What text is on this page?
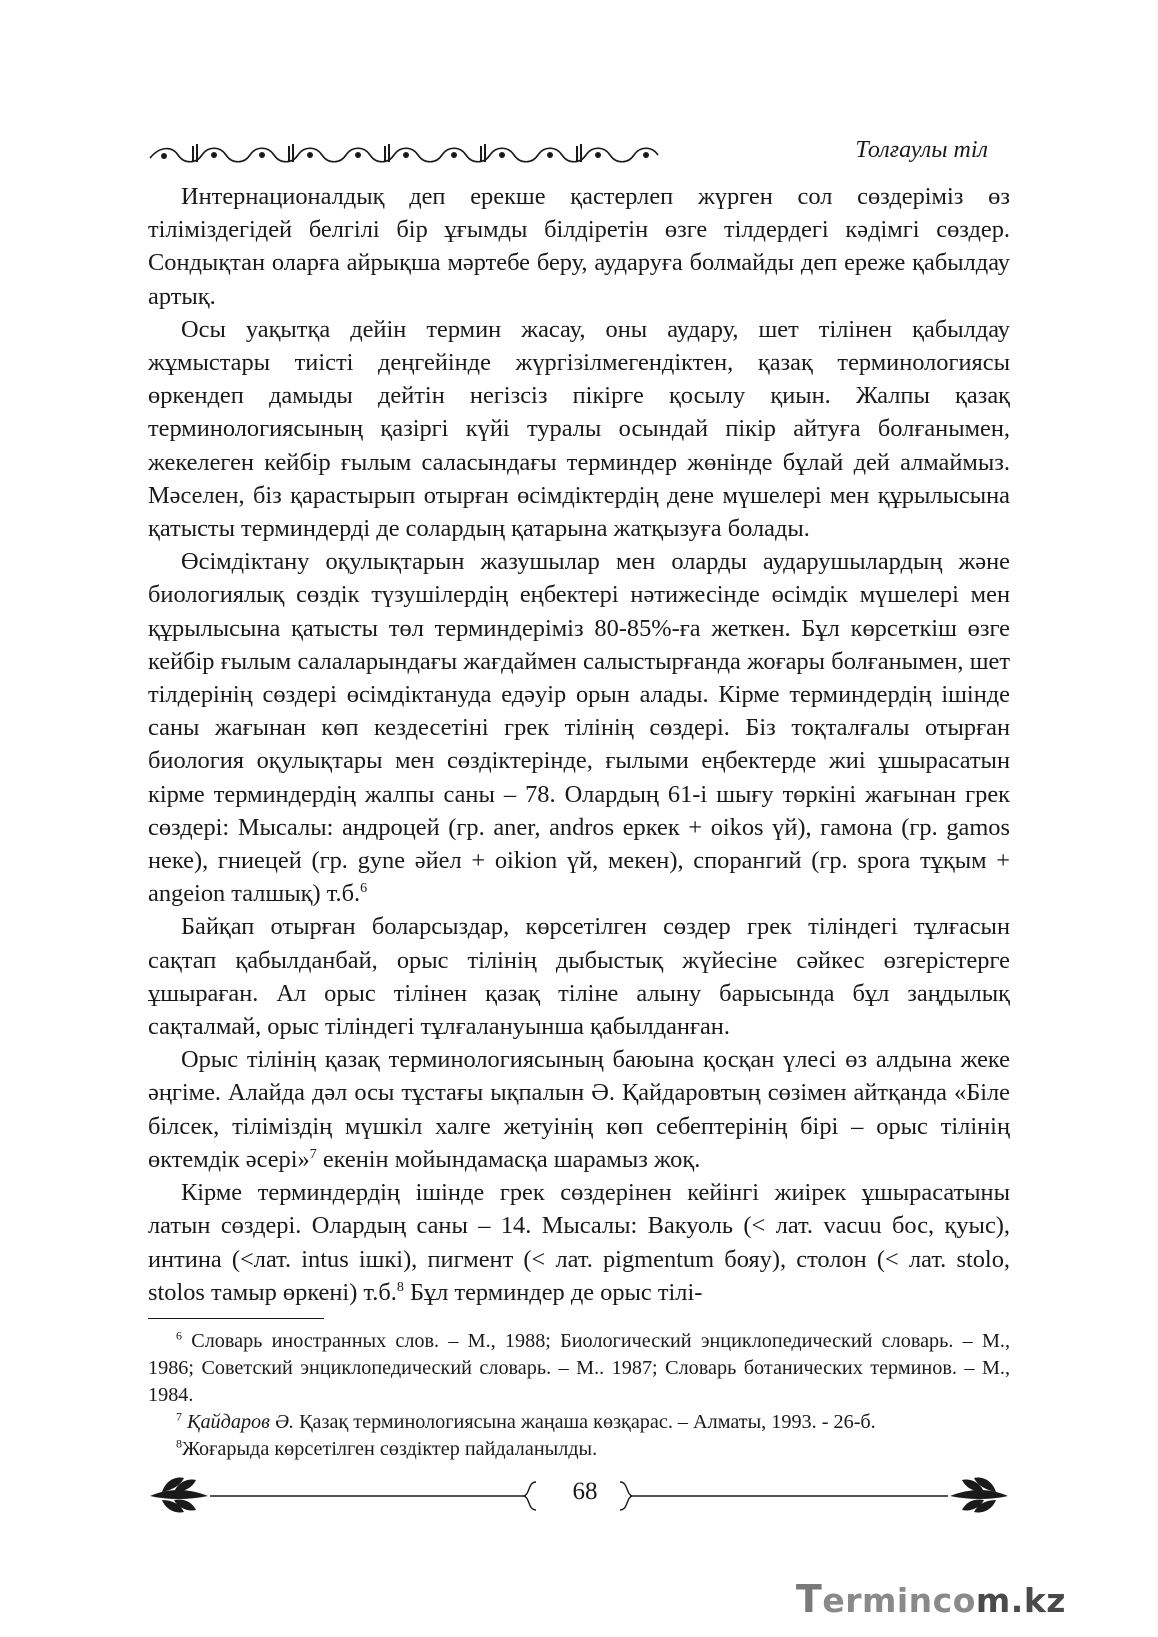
Толғаулы тіл

Интернационалдық деп ерекше қастерлеп жүрген сол сөздеріміз өз тіліміздегідей белгілі бір ұғымды білдіретін өзге тілдердегі кәдімгі сөздер. Сондықтан оларға айрықша мәртебе беру, аударуға болмайды деп ереже қабылдау артық.

Осы уақытқа дейін термин жасау, оны аудару, шет тілінен қабылдау жұмыстары тиісті деңгейінде жүргізілмегендіктен, қазақ терминологиясы өркендеп дамыды дейтін негізсіз пікірге қосылу қиын. Жалпы қазақ терминологиясының қазіргі күйі туралы осындай пікір айтуға болғанымен, жекелеген кейбір ғылым саласындағы терминдер жөнінде бұлай дей алмаймыз. Мәселен, біз қарастырып отырған өсімдіктердің дене мүшелері мен құрылысына қатысты терминдерді де солардың қатарына жатқызуға болады.

Өсімдіктану оқулықтарын жазушылар мен оларды аударушылардың және биологиялық сөздік түзушілердің еңбектері нәтижесінде өсімдік мүшелері мен құрылысына қатысты төл терминдеріміз 80-85%-ға жеткен. Бұл көрсеткіш өзге кейбір ғылым салаларындағы жағдаймен салыстырғанда жоғары болғанымен, шет тілдерінің сөздері өсімдіктануда едәуір орын алады. Кірме терминдердің ішінде саны жағынан көп кездесетіні грек тілінің сөздері. Біз тоқталғалы отырған биология оқулықтары мен сөздіктерінде, ғылыми еңбектерде жиі ұшырасатын кірме терминдердің жалпы саны – 78. Олардың 61-і шығу төркіні жағынан грек сөздері: Мысалы: андроцей (гр. aner, andros еркек + oikos үй), гамона (гр. gamos неке), гниецей (гр. gyne әйел + oikion үй, мекен), спорангий (гр. spora тұқым + angeion талшық) т.б.$^6$

Байқап отырған боларсыздар, көрсетілген сөздер грек тіліндегі тұлғасын сақтап қабылданбай, орыс тілінің дыбыстық жүйесіне сәйкес өзгерістерге ұшыраған. Ал орыс тілінен қазақ тіліне алыну барысында бұл заңдылық сақталмай, орыс тіліндегі тұлғалануынша қабылданған.

Орыс тілінің қазақ терминологиясының баюына қосқан үлесі өз алдына жеке әңгіме. Алайда дәл осы тұстағы ықпалын Ә. Қайдаровтың сөзімен айтқанда «Біле білсек, тіліміздің мүшкіл халге жетуінің көп себептерінің бірі – орыс тілінің өктемдік әсері»$^7$ екенін мойындамасқа шарамыз жоқ.

Кірме терминдердің ішінде грек сөздерінен кейінгі жиірек ұшырасатыны латын сөздері. Олардың саны – 14. Мысалы: Вакуоль (< лат. vacuu бос, қуыс), интина (<лат. intus ішкі), пигмент (< лат. pigmentum бояу), столон (< лат. stolo, stolos тамыр өркені) т.б.$^8$ Бұл терминдер де орыс тілі-

$^6$ Словарь иностранных слов. – М., 1988; Биологический энциклопедический словарь. – М., 1986; Советский энциклопедический словарь. – М.. 1987; Словарь ботанических терминов. – М., 1984.

$^7$ Қайдаров Ә. Қазақ терминологиясына жаңаша көзқарас. – Алматы, 1993. - 26-б.

$^8$Жоғарыда көрсетілген сөздіктер пайдаланылды.

68
Termincоm.kz
